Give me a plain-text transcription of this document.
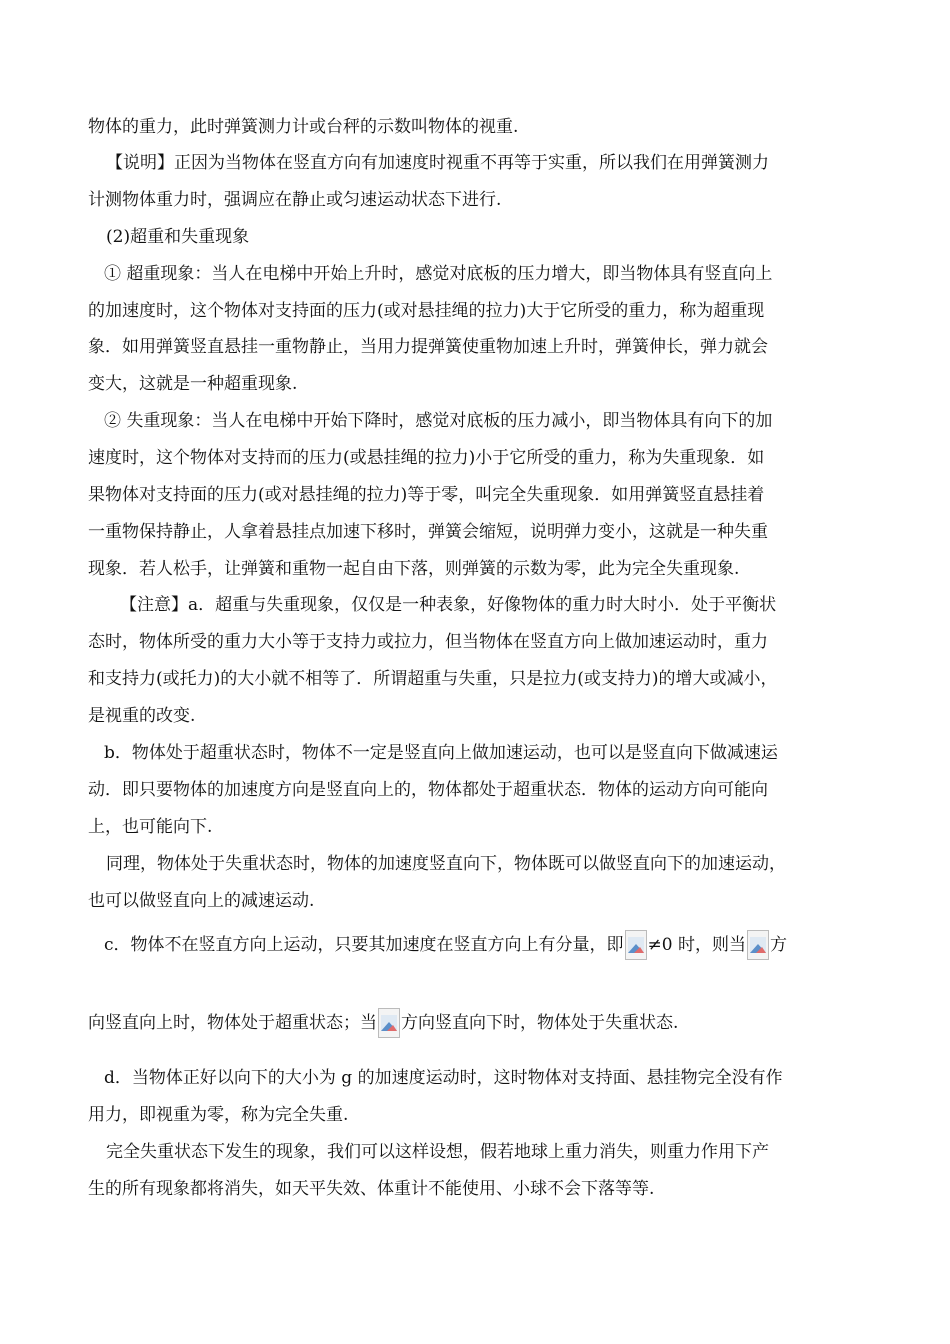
物体的重力，此时弹簧测力计或台秤的示数叫物体的视重.
【说明】正因为当物体在竖直方向有加速度时视重不再等于实重，所以我们在用弹簧测力
计测物体重力时，强调应在静止或匀速运动状态下进行.
(2)超重和失重现象
① 超重现象：当人在电梯中开始上升时，感觉对底板的压力增大，即当物体具有竖直向上
的加速度时，这个物体对支持面的压力(或对悬挂绳的拉力)大于它所受的重力，称为超重现
象．如用弹簧竖直悬挂一重物静止，当用力提弹簧使重物加速上升时，弹簧伸长，弹力就会
变大，这就是一种超重现象.
② 失重现象：当人在电梯中开始下降时，感觉对底板的压力减小，即当物体具有向下的加
速度时，这个物体对支持而的压力(或悬挂绳的拉力)小于它所受的重力，称为失重现象．如
果物体对支持面的压力(或对悬挂绳的拉力)等于零，叫完全失重现象．如用弹簧竖直悬挂着
一重物保持静止，人拿着悬挂点加速下移时，弹簧会缩短，说明弹力变小，这就是一种失重
现象．若人松手，让弹簧和重物一起自由下落，则弹簧的示数为零，此为完全失重现象.
【注意】a．超重与失重现象，仅仅是一种表象，好像物体的重力时大时小．处于平衡状
态时，物体所受的重力大小等于支持力或拉力，但当物体在竖直方向上做加速运动时，重力
和支持力(或托力)的大小就不相等了．所谓超重与失重，只是拉力(或支持力)的增大或减小，
是视重的改变.
b．物体处于超重状态时，物体不一定是竖直向上做加速运动，也可以是竖直向下做减速运
动．即只要物体的加速度方向是竖直向上的，物体都处于超重状态．物体的运动方向可能向
上，也可能向下.
同理，物体处于失重状态时，物体的加速度竖直向下，物体既可以做竖直向下的加速运动，
也可以做竖直向上的减速运动.
c．物体不在竖直方向上运动，只要其加速度在竖直方向上有分量，即 ≠0 时，则当 方
向竖直向上时，物体处于超重状态；当 方向竖直向下时，物体处于失重状态.
d．当物体正好以向下的大小为 g 的加速度运动时，这时物体对支持面、悬挂物完全没有作
用力，即视重为零，称为完全失重.
完全失重状态下发生的现象，我们可以这样设想，假若地球上重力消失，则重力作用下产
生的所有现象都将消失，如天平失效、体重计不能使用、小球不会下落等等.
